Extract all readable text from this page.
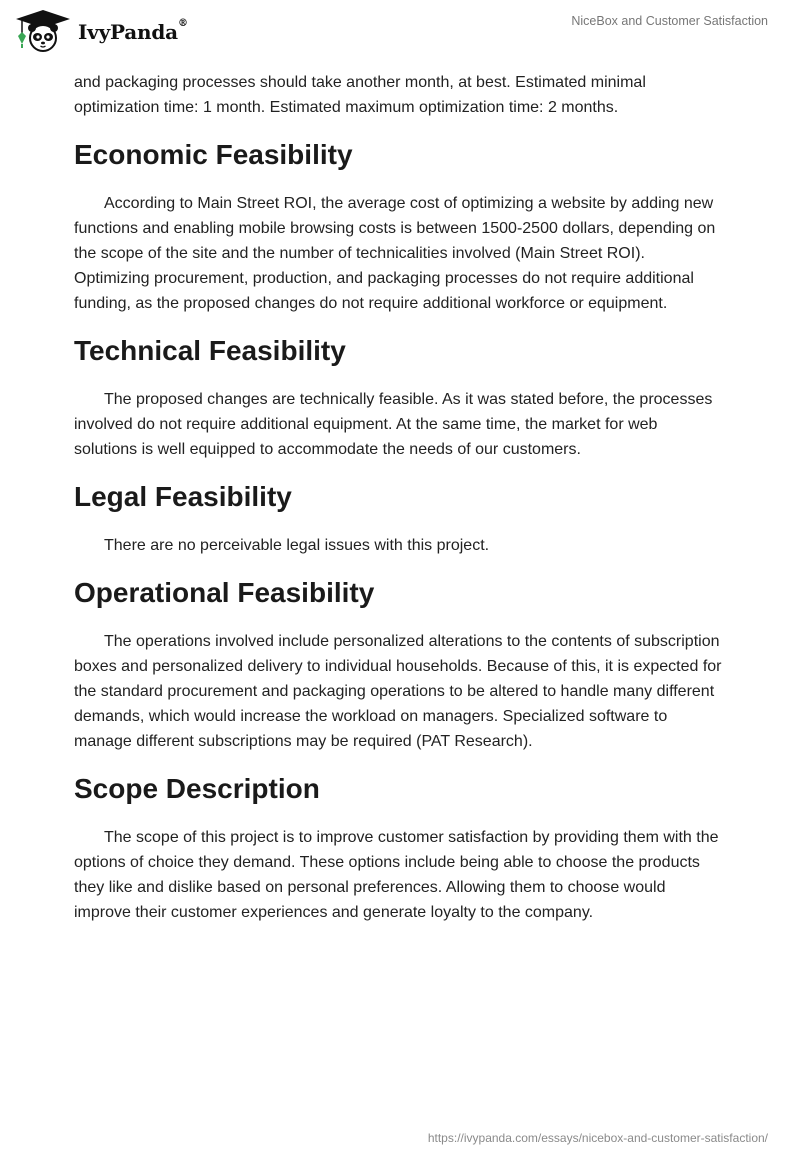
IvyPanda®	NiceBox and Customer Satisfaction

and packaging processes should take another month, at best. Estimated minimal optimization time: 1 month. Estimated maximum optimization time: 2 months.

Economic Feasibility

According to Main Street ROI, the average cost of optimizing a website by adding new functions and enabling mobile browsing costs is between 1500-2500 dollars, depending on the scope of the site and the number of technicalities involved (Main Street ROI). Optimizing procurement, production, and packaging processes do not require additional funding, as the proposed changes do not require additional workforce or equipment.

Technical Feasibility

The proposed changes are technically feasible. As it was stated before, the processes involved do not require additional equipment. At the same time, the market for web solutions is well equipped to accommodate the needs of our customers.

Legal Feasibility

There are no perceivable legal issues with this project.

Operational Feasibility

The operations involved include personalized alterations to the contents of subscription boxes and personalized delivery to individual households. Because of this, it is expected for the standard procurement and packaging operations to be altered to handle many different demands, which would increase the workload on managers. Specialized software to manage different subscriptions may be required (PAT Research).

Scope Description

The scope of this project is to improve customer satisfaction by providing them with the options of choice they demand. These options include being able to choose the products they like and dislike based on personal preferences. Allowing them to choose would improve their customer experiences and generate loyalty to the company.

https://ivypanda.com/essays/nicebox-and-customer-satisfaction/
